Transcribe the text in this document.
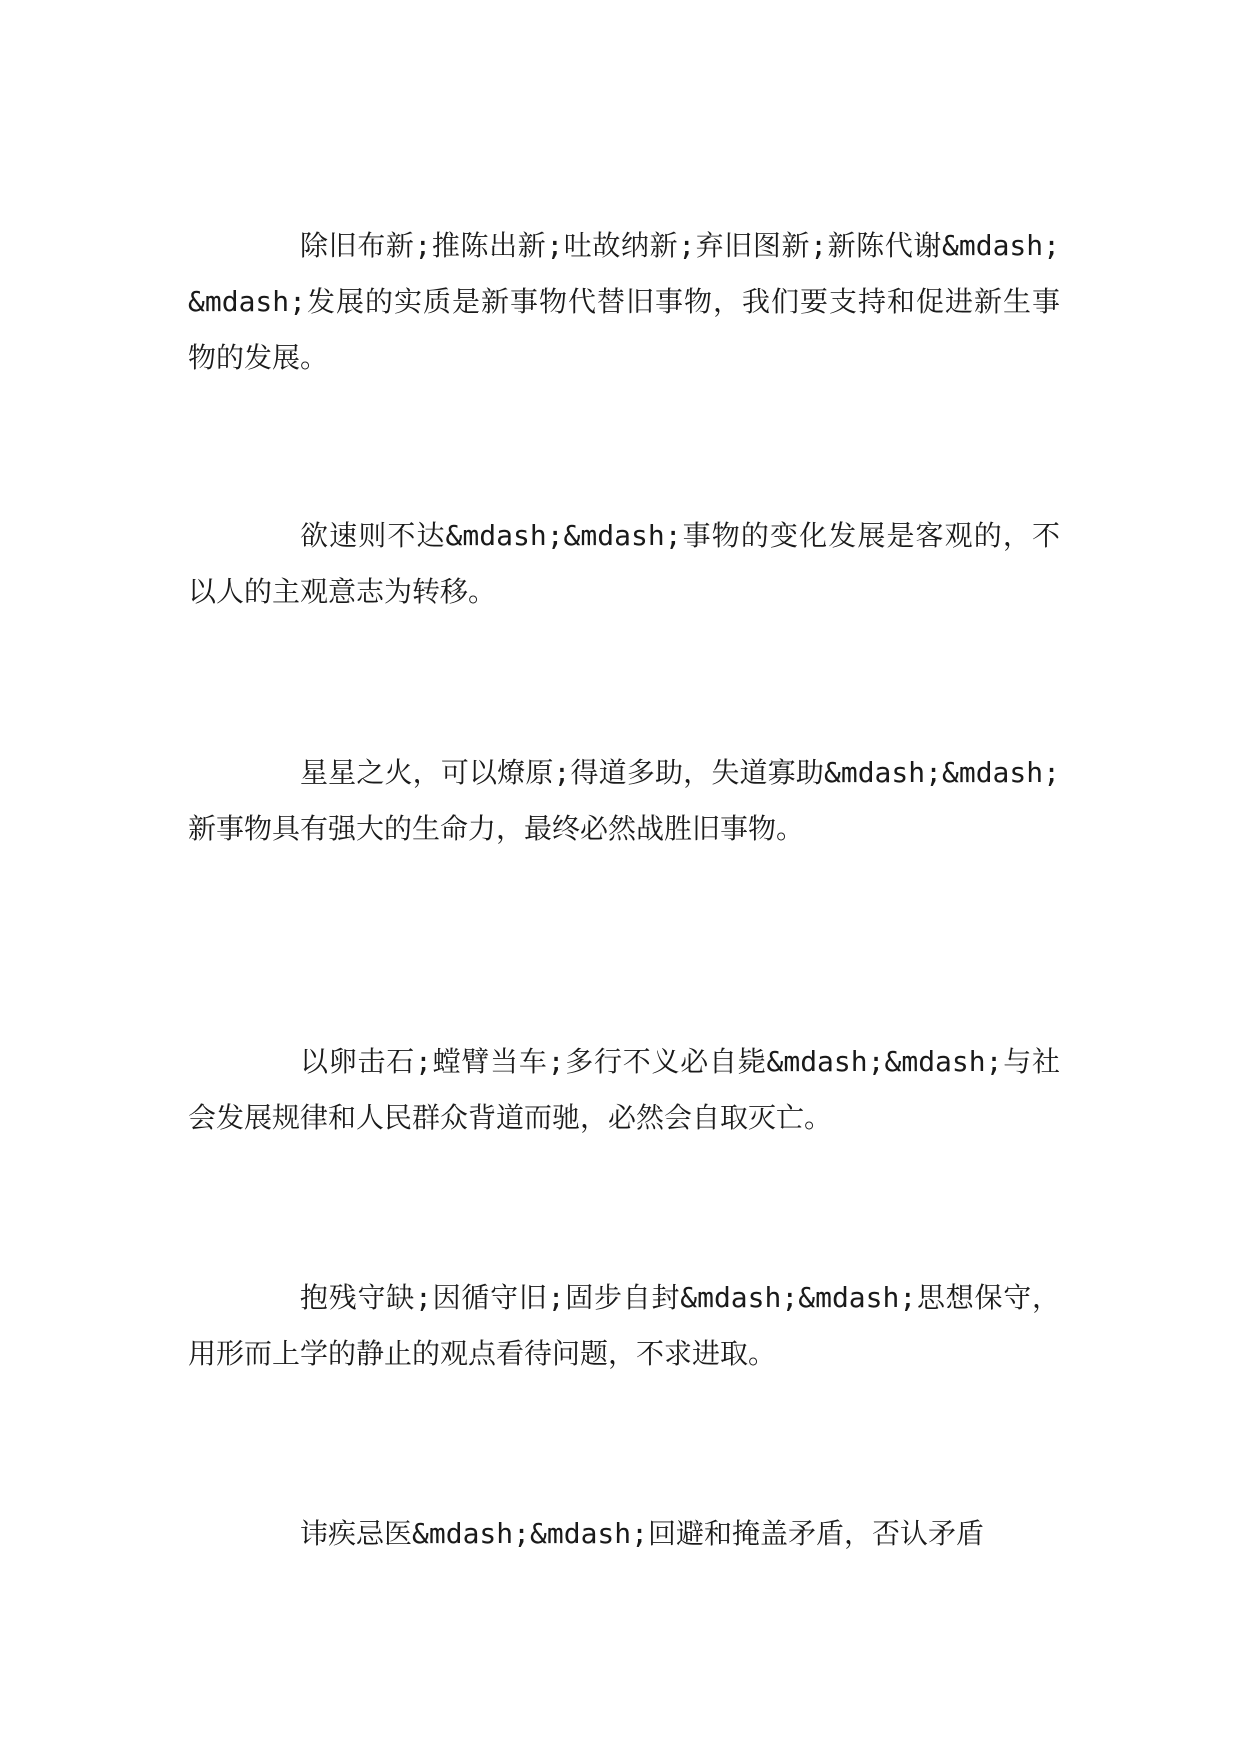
除旧布新;推陈出新;吐故纳新;弃旧图新;新陈代谢&mdash;&mdash;发展的实质是新事物代替旧事物，我们要支持和促进新生事物的发展。

欲速则不达&mdash;&mdash;事物的变化发展是客观的，不以人的主观意志为转移。

星星之火，可以燎原;得道多助，失道寡助&mdash;&mdash;新事物具有强大的生命力，最终必然战胜旧事物。

以卵击石;螳臂当车;多行不义必自毙&mdash;&mdash;与社会发展规律和人民群众背道而驰，必然会自取灭亡。

抱残守缺;因循守旧;固步自封&mdash;&mdash;思想保守，用形而上学的静止的观点看待问题，不求进取。

讳疾忌医&mdash;&mdash;回避和掩盖矛盾，否认矛盾
